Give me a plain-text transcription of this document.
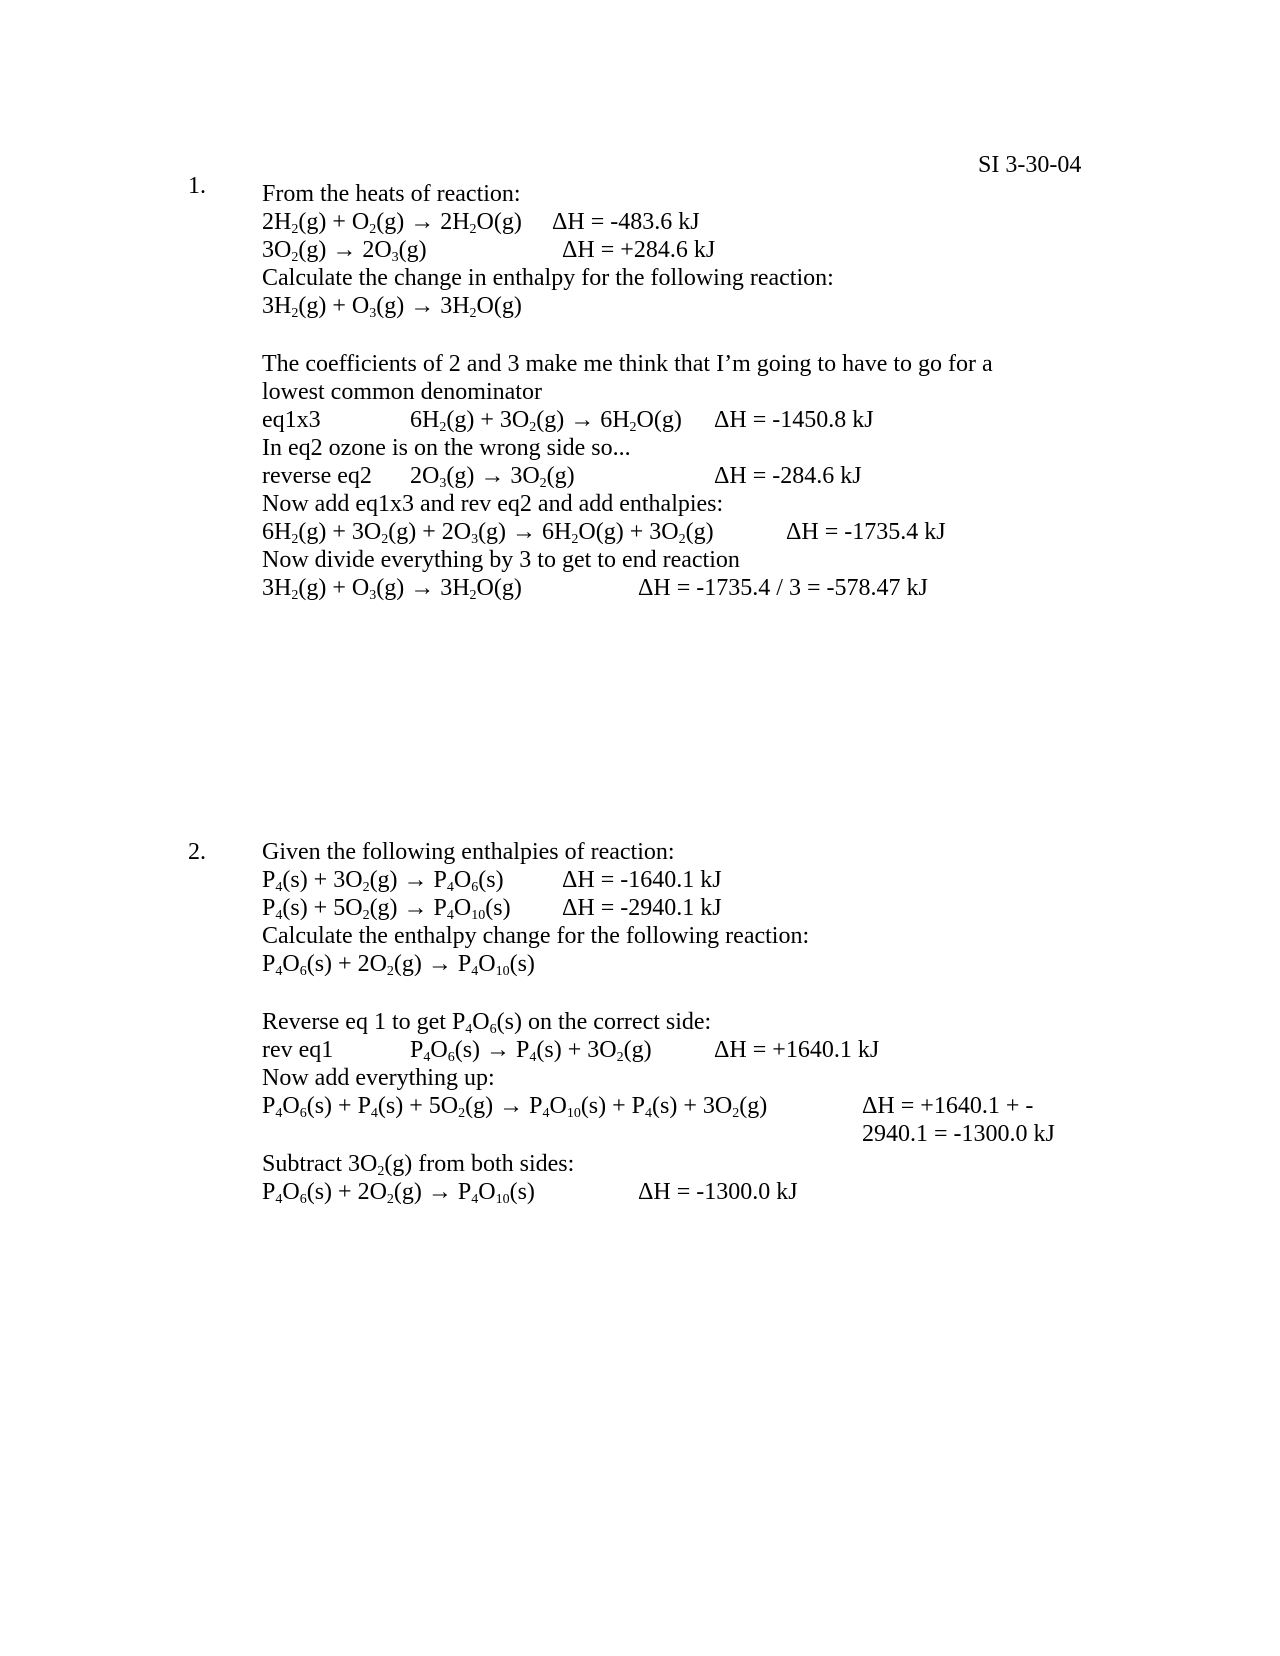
SI 3-30-04
1. From the heats of reaction:
$2H_2(g) + O_2(g) \to 2H_2O(g) \Delta H = -483.6$ kJ
$3O_2(g) \to 2O_3(g)$	ΔH = +284.6 kJ
Calculate the change in enthalpy for the following reaction:
$3H_2(g) + O_3(g) \to 3H_2O(g)$
The coefficients of 2 and 3 make me think that I’m going to have to go for a
lowest common denominator
eq1x3	$6H_2(g) + 3O_2(g) \to 6H_2O(g) \Delta H = -1450.8$ kJ
In eq2 ozone is on the wrong side so...
reverse eq2 $2O_3(g) \to 3O_2(g)$	ΔH = -284.6 kJ
Now add eq1x3 and rev eq2 and add enthalpies:
$6H_2(g) + 3O_2(g) + 2O_3(g) \to 6H_2O(g) + 3O_2(g)$	ΔH = -1735.4 kJ
Now divide everything by 3 to get to end reaction
$3H_2(g) + O_3(g) \to 3H_2O(g)$	ΔH = -1735.4 / 3 = -578.47 kJ
2. Given the following enthalpies of reaction:
$P_4(s) + 3O_2(g) \to P_4O_6(s) \Delta H = -1640.1$ kJ
$P_4(s) + 5O_2(g) \to P_4O_{10}(s) \Delta H = -2940.1$ kJ
Calculate the enthalpy change for the following reaction:
$P_4O_6(s) + 2O_2(g) \to P_4O_{10}(s)$
Reverse eq 1 to get $P_4O_6(s)$ on the correct side:
rev eq1	$P_4O_6(s) \to P_4(s) + 3O_2(g)$	ΔH = +1640.1 kJ
Now add everything up:
$P_4O_6(s) + P_4(s) + 5O_2(g) \to P_4O_{10}(s) + P_4(s) + 3O_2(g)$	ΔH = +1640.1 + -
2940.1 = -1300.0 kJ
Subtract $3O_2(g)$ from both sides:
$P_4O_6(s) + 2O_2(g) \to P_4O_{10}(s)$	ΔH = -1300.0 kJ
